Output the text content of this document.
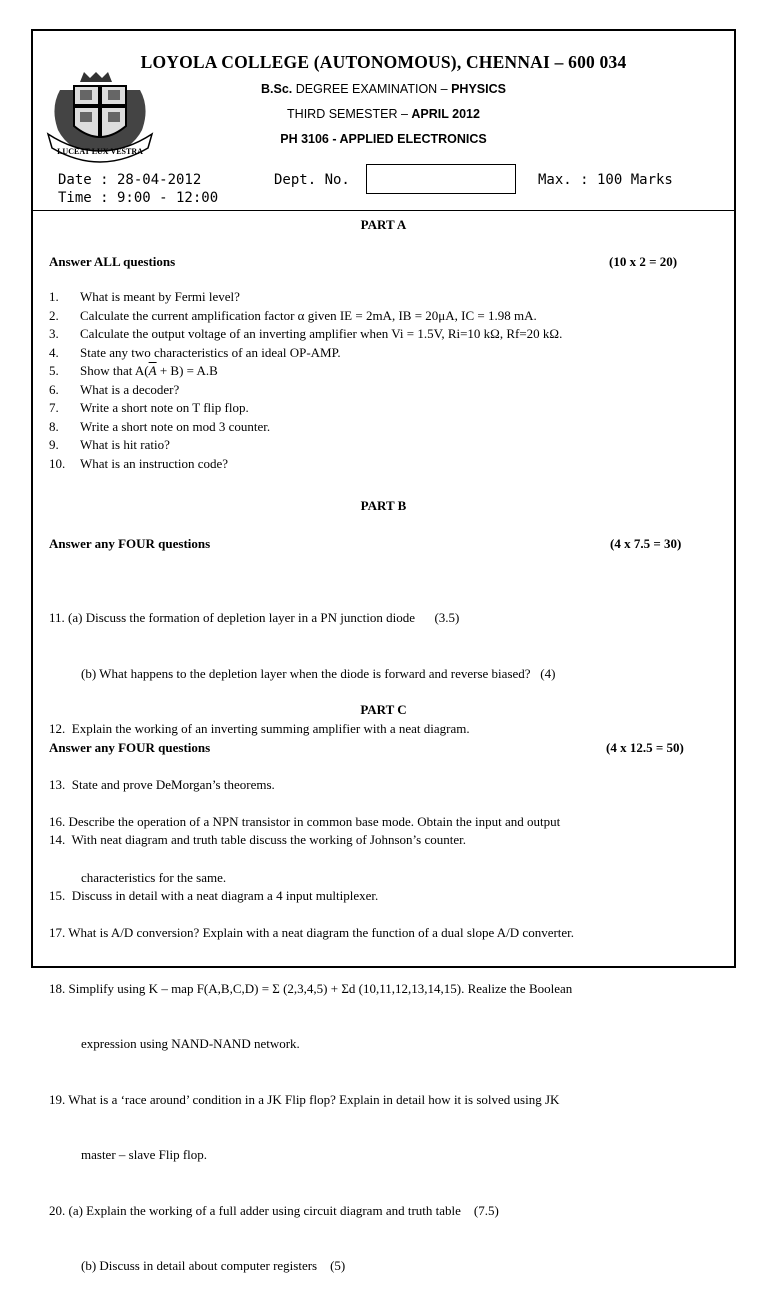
LUCEAT LUX VESTRA
LOYOLA COLLEGE (AUTONOMOUS), CHENNAI – 600 034
B.Sc. DEGREE EXAMINATION – PHYSICS
THIRD SEMESTER – APRIL 2012
PH 3106 - APPLIED ELECTRONICS
Date : 28-04-2012
Time : 9:00 - 12:00
Dept. No.	Max. : 100 Marks
PART A
Answer ALL questions	(10 x 2 = 20)
1. What is meant by Fermi level?
2. Calculate the current amplification factor α given IE = 2mA, IB = 20μA, IC = 1.98 mA.
3. Calculate the output voltage of an inverting amplifier when Vi = 1.5V, Ri=10 kΩ, Rf=20 kΩ.
4. State any two characteristics of an ideal OP-AMP.
5. Show that $A(\overline{A} + B) = A.B$
6. What is a decoder?
7. Write a short note on T flip flop.
8. Write a short note on mod 3 counter.
9. What is hit ratio?
10. What is an instruction code?
PART B
Answer any FOUR questions	(4 x 7.5 = 30)

11. (a) Discuss the formation of depletion layer in a PN junction diode      (3.5)

(b) What happens to the depletion layer when the diode is forward and reverse biased?   (4)

12.  Explain the working of an inverting summing amplifier with a neat diagram.

13.  State and prove DeMorgan’s theorems.

14.  With neat diagram and truth table discuss the working of Johnson’s counter.

15.  Discuss in detail with a neat diagram a 4 input multiplexer.

PART C
Answer any FOUR questions	(4 x 12.5 = 50)

16. Describe the operation of a NPN transistor in common base mode. Obtain the input and output

characteristics for the same.

17. What is A/D conversion? Explain with a neat diagram the function of a dual slope A/D converter.

18. Simplify using K – map F(A,B,C,D) = Σ (2,3,4,5) + Σd (10,11,12,13,14,15). Realize the Boolean

expression using NAND-NAND network.

19. What is a ‘race around’ condition in a JK Flip flop? Explain in detail how it is solved using JK

master – slave Flip flop.

20. (a) Explain the working of a full adder using circuit diagram and truth table    (7.5)

(b) Discuss in detail about computer registers    (5)
